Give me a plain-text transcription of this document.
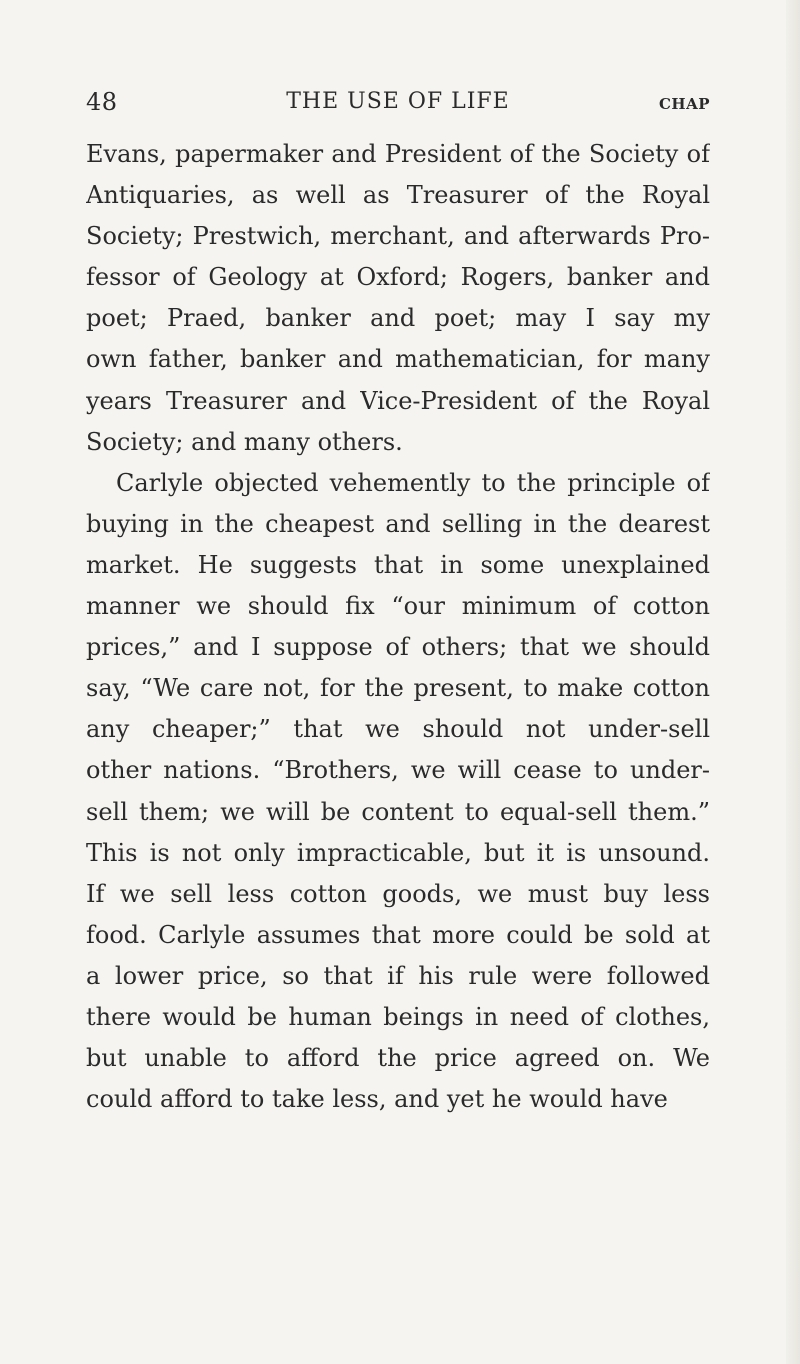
48	THE USE OF LIFE	CHAP
Evans, papermaker and President of the Society of
Antiquaries, as well as Treasurer of the Royal
Society; Prestwich, merchant, and afterwards Pro-
fessor of Geology at Oxford; Rogers, banker and
poet; Praed, banker and poet; may I say my
own father, banker and mathematician, for many
years Treasurer and Vice-President of the Royal
Society; and many others.
Carlyle objected vehemently to the principle of
buying in the cheapest and selling in the dearest
market. He suggests that in some unexplained
manner we should fix “our minimum of cotton
prices,” and I suppose of others; that we should
say, “We care not, for the present, to make cotton
any cheaper;” that we should not under-sell
other nations. “Brothers, we will cease to under-
sell them; we will be content to equal-sell them.”
This is not only impracticable, but it is unsound.
If we sell less cotton goods, we must buy less
food. Carlyle assumes that more could be sold at
a lower price, so that if his rule were followed
there would be human beings in need of clothes,
but unable to afford the price agreed on. We
could afford to take less, and yet he would have
